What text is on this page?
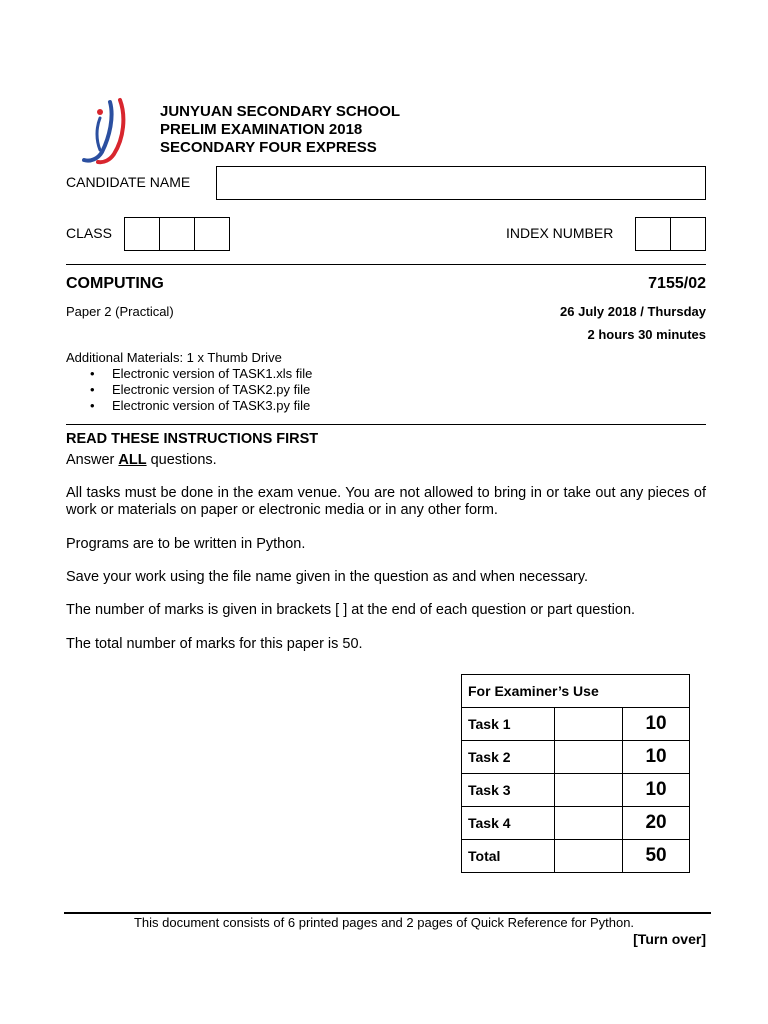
JUNYUAN SECONDARY SCHOOL
PRELIM EXAMINATION 2018
SECONDARY FOUR EXPRESS
CANDIDATE NAME
CLASS	INDEX NUMBER
COMPUTING	7155/02
Paper 2 (Practical)	26 July 2018 / Thursday
2 hours 30 minutes
Additional Materials: 1 x Thumb Drive
• Electronic version of TASK1.xls file
• Electronic version of TASK2.py file
• Electronic version of TASK3.py file
READ THESE INSTRUCTIONS FIRST
Answer ALL questions.
All tasks must be done in the exam venue. You are not allowed to bring in or take out any pieces of work or materials on paper or electronic media or in any other form.
Programs are to be written in Python.
Save your work using the file name given in the question as and when necessary.
The number of marks is given in brackets [ ] at the end of each question or part question.
The total number of marks for this paper is 50.
For Examiner’s Use		
Task 1		10
Task 2		10
Task 3		10
Task 4		20
Total		50
This document consists of 6 printed pages and 2 pages of Quick Reference for Python.
[Turn over]
